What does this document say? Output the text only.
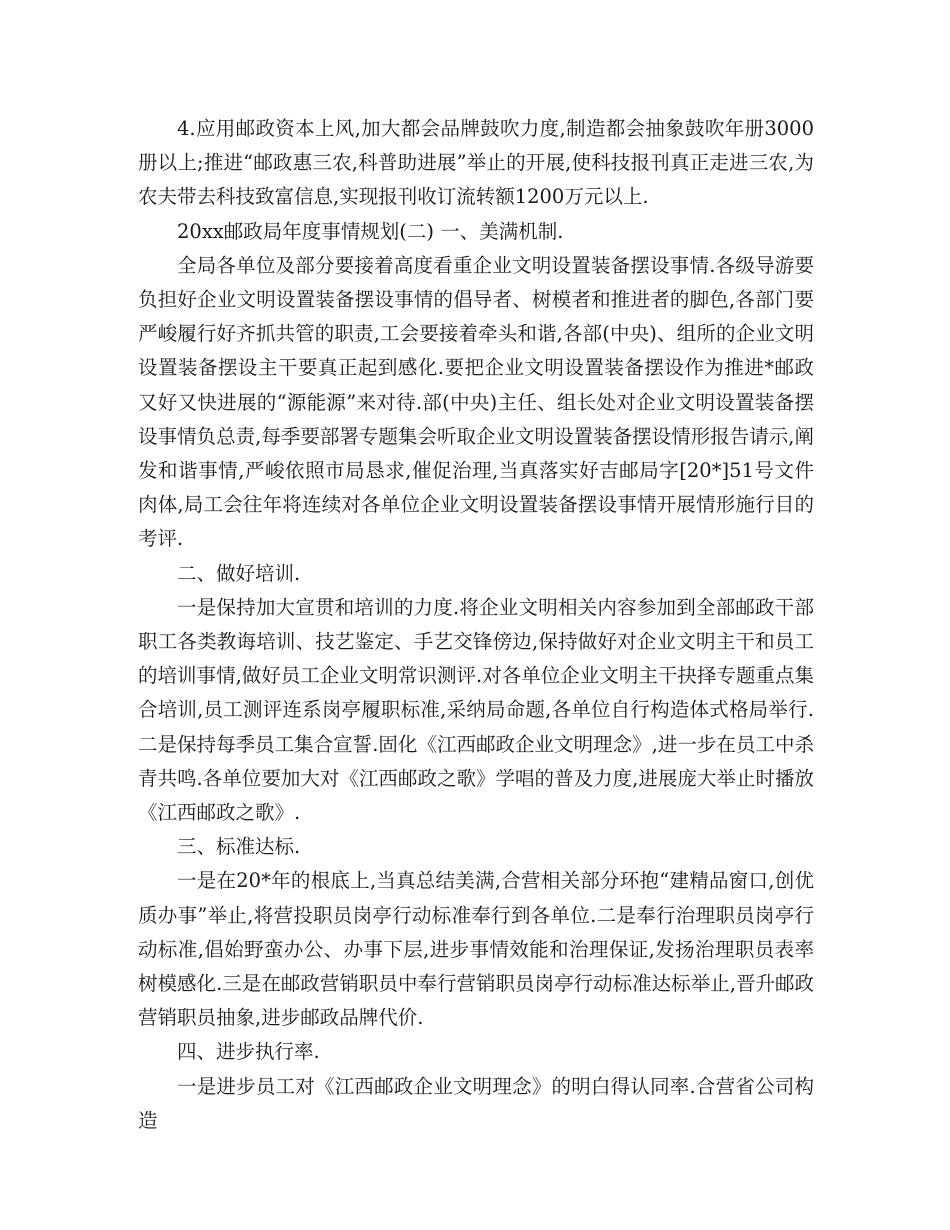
4.应用邮政资本上风,加大都会品牌鼓吹力度,制造都会抽象鼓吹年册3000册以上;推进“邮政惠三农,科普助进展”举止的开展,使科技报刊真正走进三农,为农夫带去科技致富信息,实现报刊收订流转额1200万元以上.

20xx邮政局年度事情规划(二) 一、美满机制.

全局各单位及部分要接着高度看重企业文明设置装备摆设事情.各级导游要负担好企业文明设置装备摆设事情的倡导者、树模者和推进者的脚色,各部门要严峻履行好齐抓共管的职责,工会要接着牵头和谐,各部(中央)、组所的企业文明设置装备摆设主干要真正起到感化.要把企业文明设置装备摆设作为推进*邮政又好又快进展的“源能源”来对待.部(中央)主任、组长处对企业文明设置装备摆设事情负总责,每季要部署专题集会听取企业文明设置装备摆设情形报告请示,阐发和谐事情,严峻依照市局恳求,催促治理,当真落实好吉邮局字[20*]51号文件肉体,局工会往年将连续对各单位企业文明设置装备摆设事情开展情形施行目的考评.

二、做好培训.

一是保持加大宣贯和培训的力度.将企业文明相关内容参加到全部邮政干部职工各类教诲培训、技艺鉴定、手艺交锋傍边,保持做好对企业文明主干和员工的培训事情,做好员工企业文明常识测评.对各单位企业文明主干抉择专题重点集合培训,员工测评连系岗亭履职标准,采纳局命题,各单位自行构造体式格局举行.二是保持每季员工集合宣誓.固化《江西邮政企业文明理念》,进一步在员工中杀青共鸣.各单位要加大对《江西邮政之歌》学唱的普及力度,进展庞大举止时播放《江西邮政之歌》.

三、标准达标.

一是在20*年的根底上,当真总结美满,合营相关部分环抱“建精品窗口,创优质办事”举止,将营投职员岗亭行动标准奉行到各单位.二是奉行治理职员岗亭行动标准,倡始野蛮办公、办事下层,进步事情效能和治理保证,发扬治理职员表率树模感化.三是在邮政营销职员中奉行营销职员岗亭行动标准达标举止,晋升邮政营销职员抽象,进步邮政品牌代价.

四、进步执行率.

一是进步员工对《江西邮政企业文明理念》的明白得认同率.合营省公司构造
